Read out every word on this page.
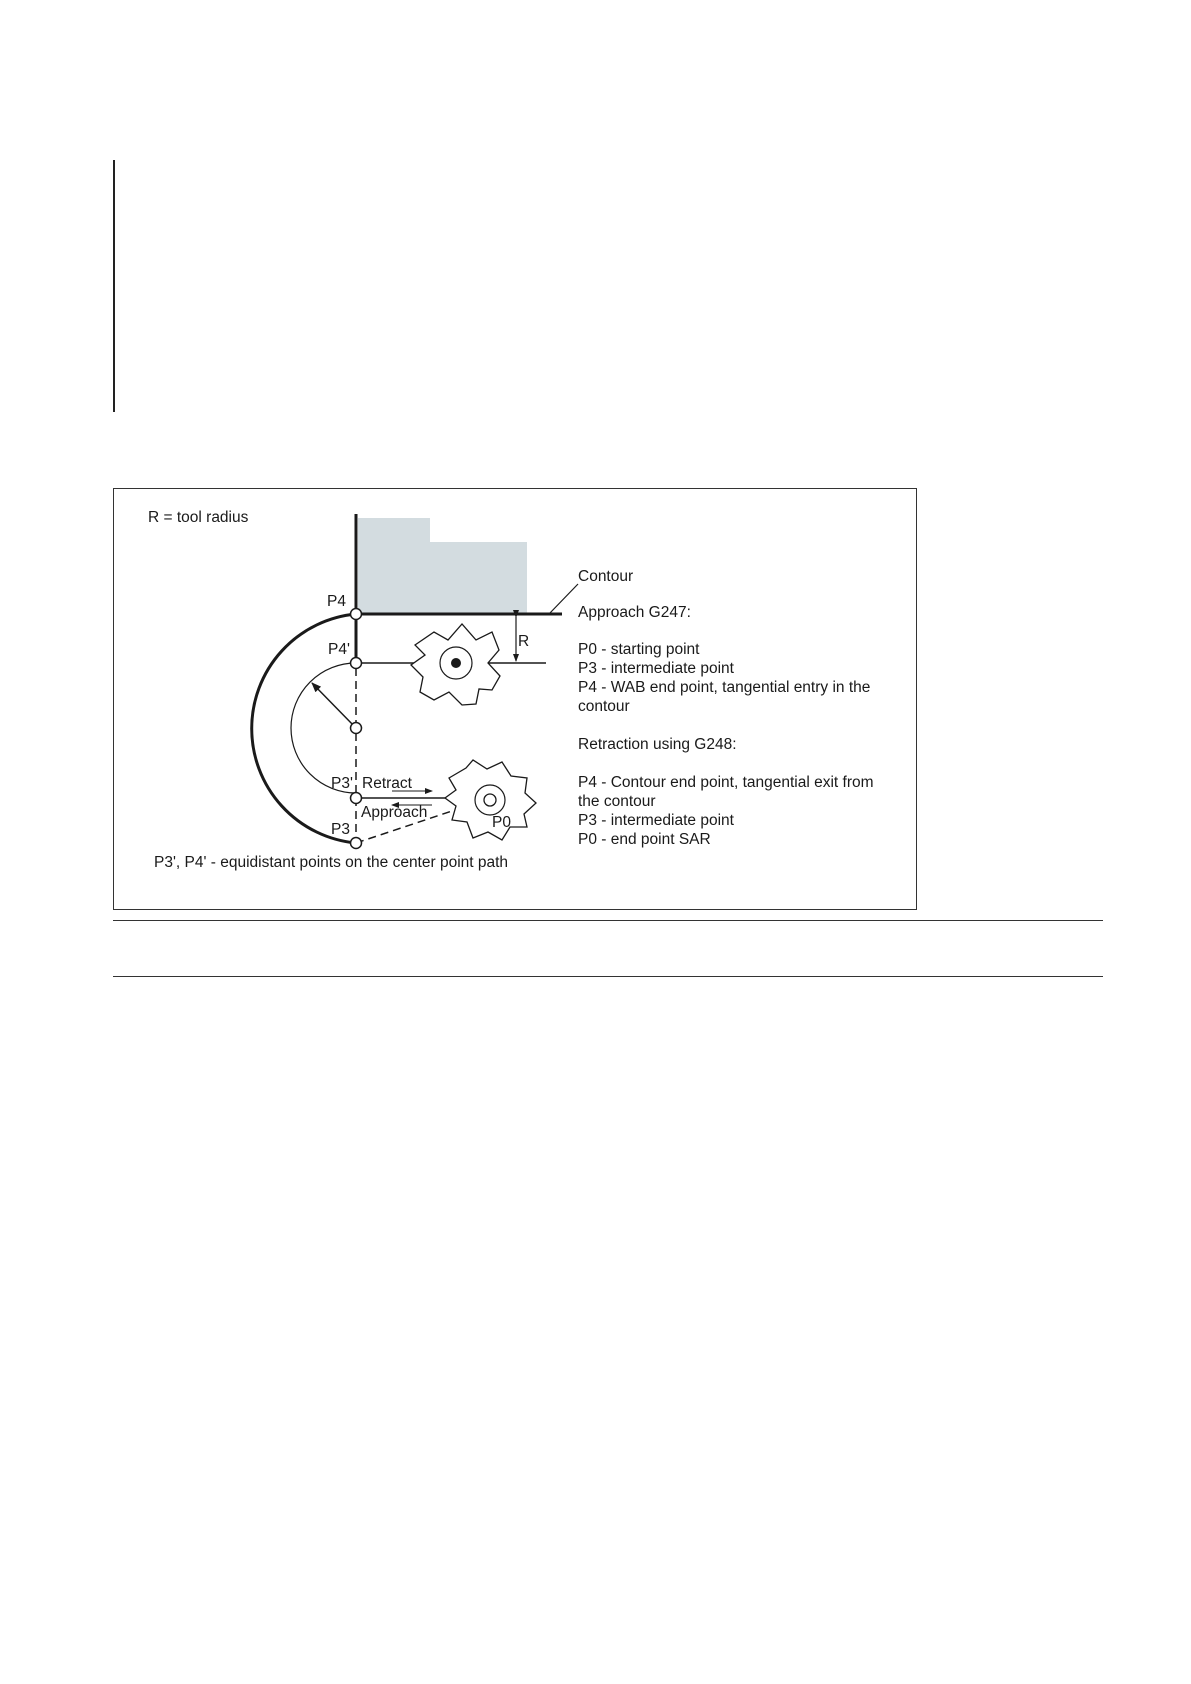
R = tool radius
P4
P4'	R
P3' Retract
Approach
P3	P0
P3', P4' - equidistant points on the center point path
Contour
Approach G247:
P0 - starting point
P3 - intermediate point
P4 - WAB end point, tangential entry in the
contour
Retraction using G248:
P4 - Contour end point, tangential exit from
the contour
P3 - intermediate point
P0 - end point SAR
